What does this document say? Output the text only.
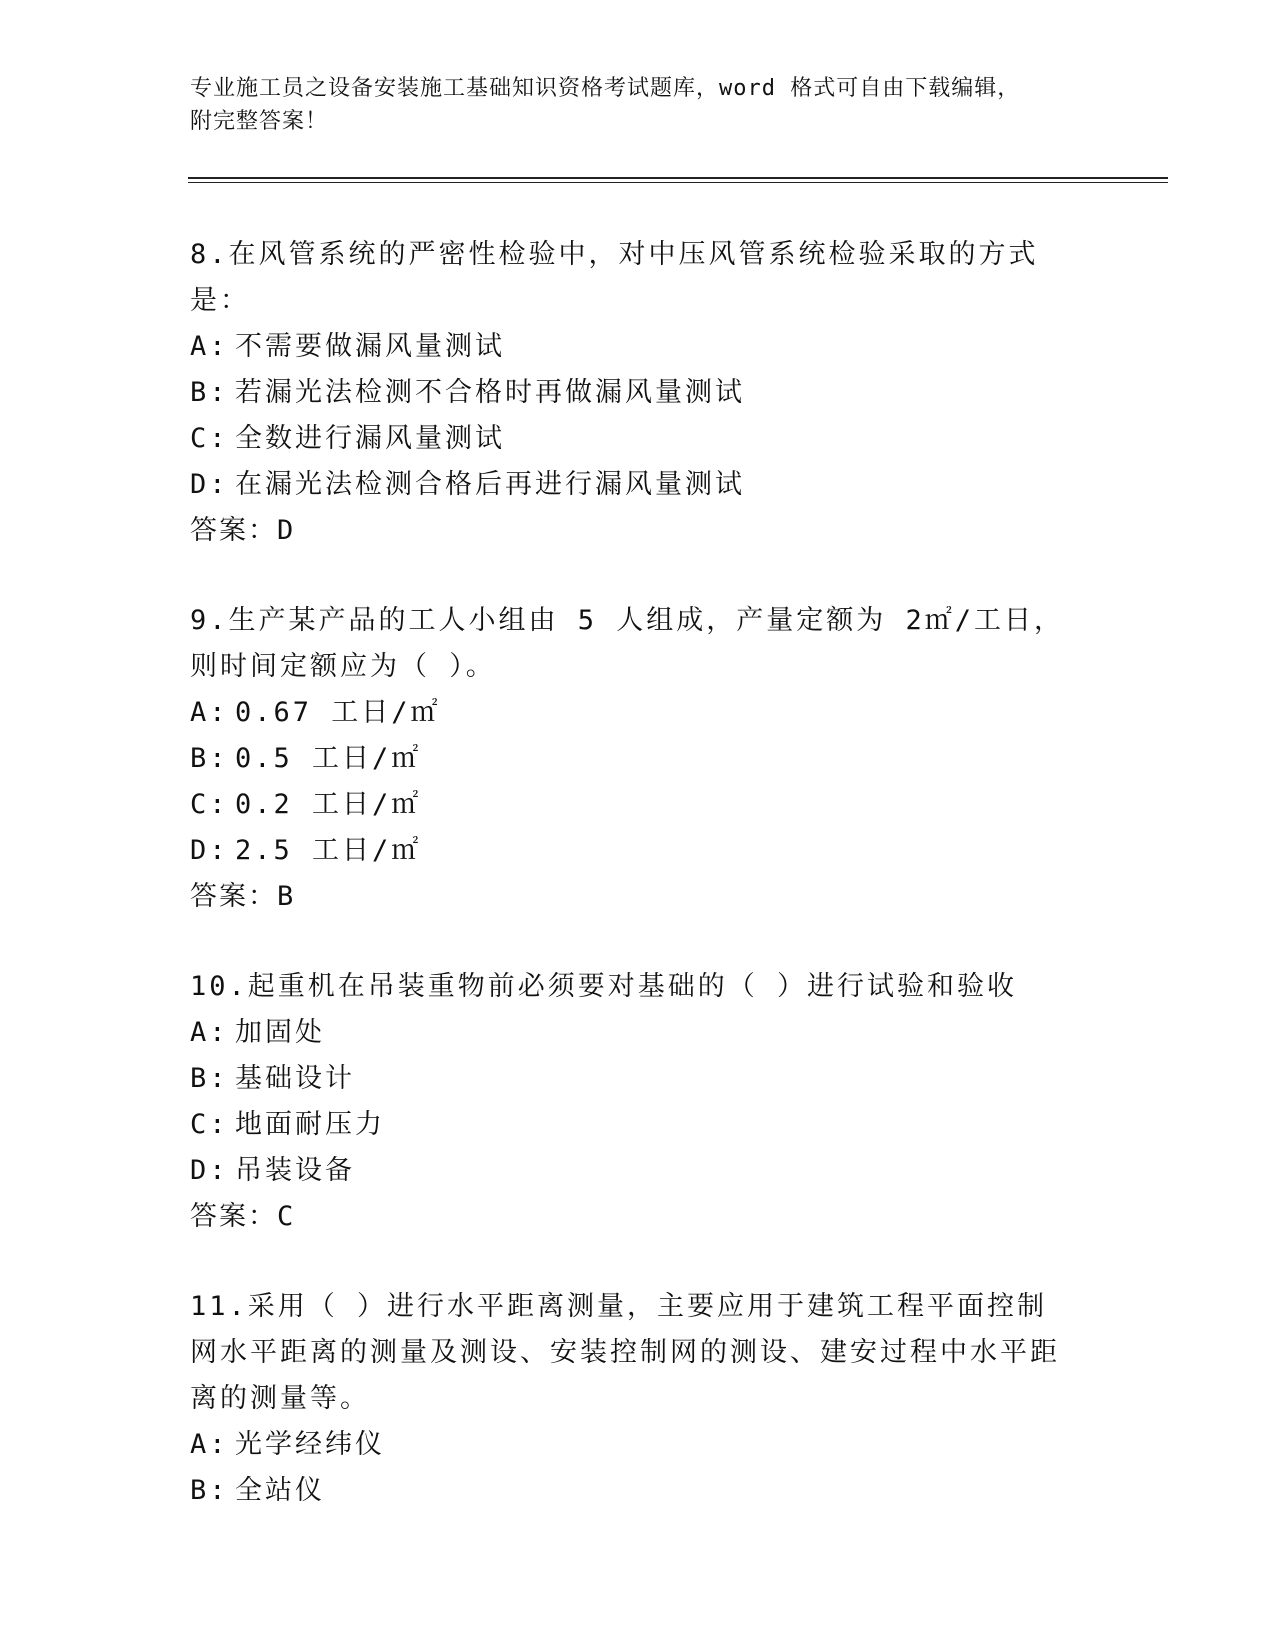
专业施工员之设备安装施工基础知识资格考试题库，word 格式可自由下载编辑，
附完整答案！
8.在风管系统的严密性检验中，对中压风管系统检验采取的方式是：
A: 不需要做漏风量测试
B: 若漏光法检测不合格时再做漏风量测试
C: 全数进行漏风量测试
D: 在漏光法检测合格后再进行漏风量测试
答案：D
9.生产某产品的工人小组由 5 人组成，产量定额为 2㎡/工日，则时间定额应为（ ）。
A: 0.67 工日/㎡
B: 0.5 工日/㎡
C: 0.2 工日/㎡
D: 2.5 工日/㎡
答案：B
10.起重机在吊装重物前必须要对基础的（ ）进行试验和验收
A: 加固处
B: 基础设计
C: 地面耐压力
D: 吊装设备
答案：C
11.采用（ ）进行水平距离测量，主要应用于建筑工程平面控制网水平距离的测量及测设、安装控制网的测设、建安过程中水平距离的测量等。
A: 光学经纬仪
B: 全站仪
